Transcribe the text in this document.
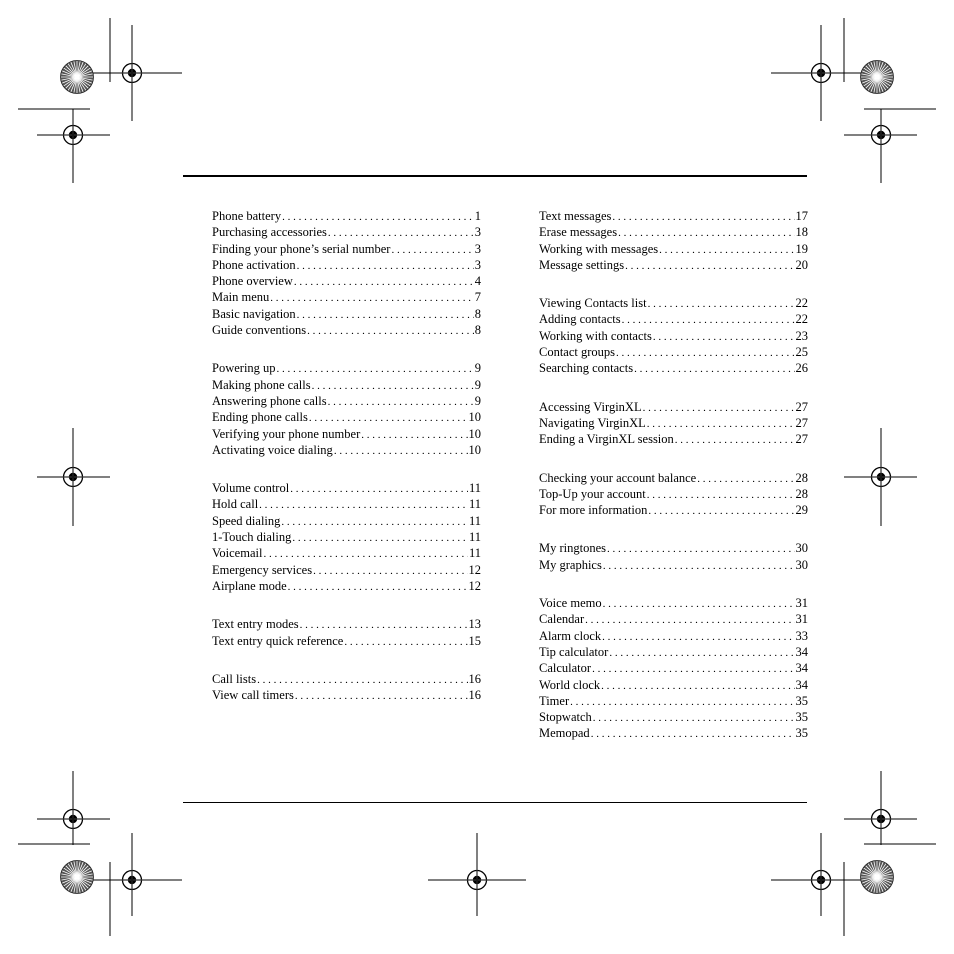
Phone battery . . .	1
Purchasing accessories . . .	3
Finding your phone’s serial number . . .	3
Phone activation . . .	3
Phone overview . . .	4
Main menu . . .	7
Basic navigation . . .	8
Guide conventions . . .	8
Powering up . . .	9
Making phone calls . . .	9
Answering phone calls . . .	9
Ending phone calls . . .	10
Verifying your phone number . . .	10
Activating voice dialing . . .	10
Volume control . . .	11
Hold call . . .	11
Speed dialing . . .	11
1-Touch dialing . . .	11
Voicemail . . .	11
Emergency services . . .	12
Airplane mode . . .	12
Text entry modes . . .	13
Text entry quick reference . . .	15
Call lists . . .	16
View call timers . . .	16
Text messages . . .	17
Erase messages . . .	18
Working with messages . . .	19
Message settings . . .	20
Viewing Contacts list . . .	22
Adding contacts . . .	22
Working with contacts . . .	23
Contact groups . . .	25
Searching contacts . . .	26
Accessing VirginXL . . .	27
Navigating VirginXL . . .	27
Ending a VirginXL session . . .	27
Checking your account balance . . .	28
Top-Up your account . . .	28
For more information . . .	29
My ringtones . . .	30
My graphics . . .	30
Voice memo . . .	31
Calendar . . .	31
Alarm clock . . .	33
Tip calculator . . .	34
Calculator . . .	34
World clock . . .	34
Timer . . .	35
Stopwatch . . .	35
Memopad . . .	35
